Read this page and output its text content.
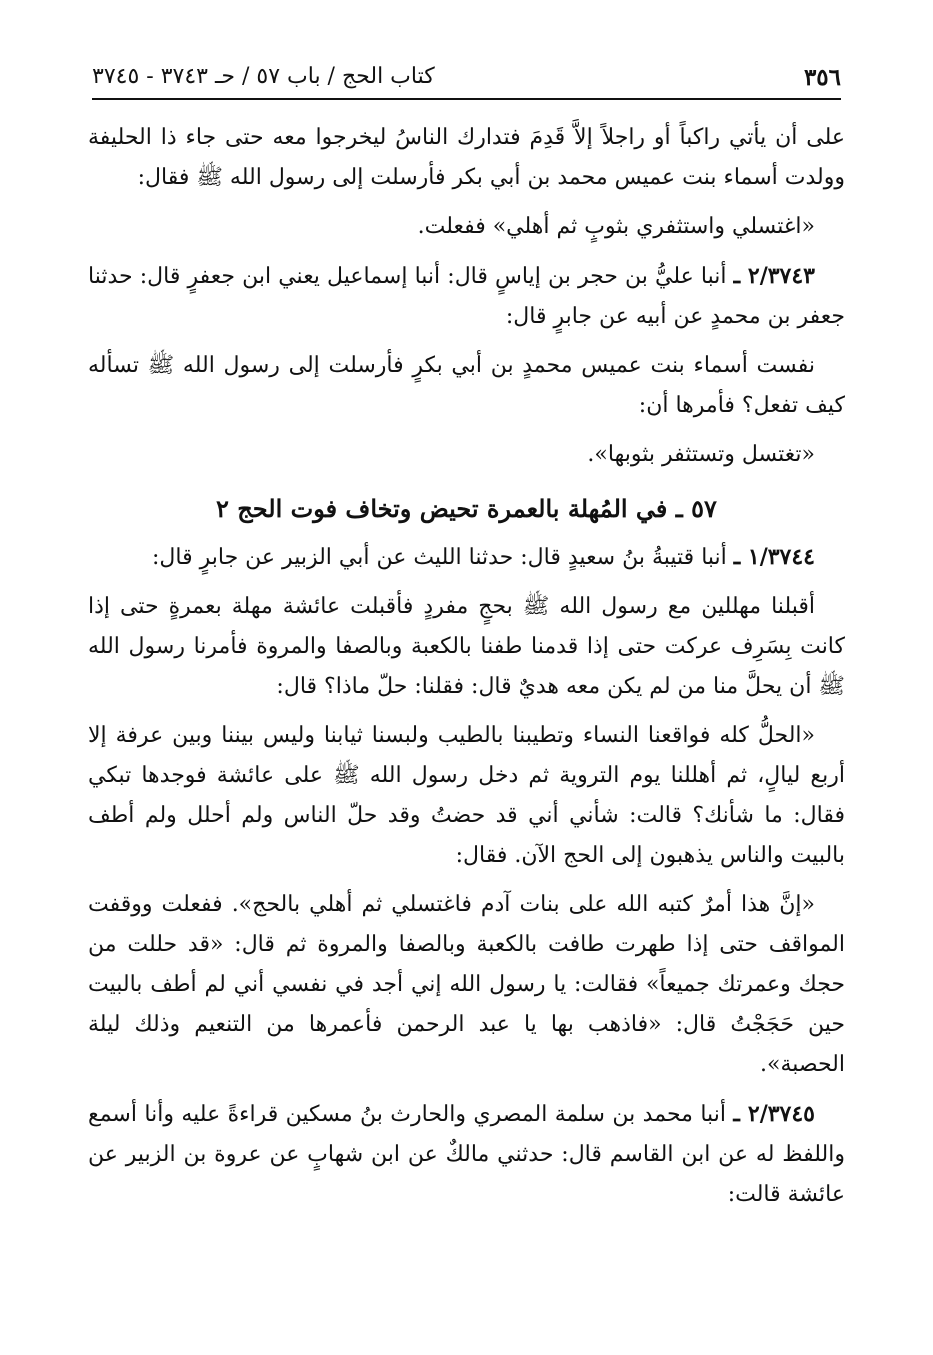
٣٥٦
كتاب الحج / باب ٥٧ / حـ ٣٧٤٣ - ٣٧٤٥

على أن يأتي راكباً أو راجلاً إلاَّ قَدِمَ فتدارك الناسُ ليخرجوا معه حتى جاء ذا الحليفة وولدت أسماء بنت عميس محمد بن أبي بكر فأرسلت إلى رسول الله ﷺ فقال:

«اغتسلي واستثفري بثوبٍ ثم أهلي» ففعلت.

٢/٣٧٤٣ ـ أنبا عليُّ بن حجر بن إياسٍ قال: أنبا إسماعيل يعني ابن جعفرٍ قال: حدثنا جعفر بن محمدٍ عن أبيه عن جابرٍ قال:

نفست أسماء بنت عميس محمدٍ بن أبي بكرٍ فأرسلت إلى رسول الله ﷺ تسأله كيف تفعل؟ فأمرها أن:

«تغتسل وتستثفر بثوبها».

٥٧ ـ في المُهلة بالعمرة تحيض وتخاف فوت الحج ٢

١/٣٧٤٤ ـ أنبا قتيبةُ بنُ سعيدٍ قال: حدثنا الليث عن أبي الزبير عن جابرٍ قال:

أقبلنا مهللين مع رسول الله ﷺ بحجٍ مفردٍ فأقبلت عائشة مهلة بعمرةٍ حتى إذا كانت بِسَرِف عركت حتى إذا قدمنا طفنا بالكعبة وبالصفا والمروة فأمرنا رسول الله ﷺ أن يحلَّ منا من لم يكن معه هديٌ قال: فقلنا: حلّ ماذا؟ قال:

«الحلُّ كله فواقعنا النساء وتطيبنا بالطيب ولبسنا ثيابنا وليس بيننا وبين عرفة إلا أربع ليالٍ، ثم أهللنا يوم التروية ثم دخل رسول الله ﷺ على عائشة فوجدها تبكي فقال: ما شأنك؟ قالت: شأني أني قد حضتُ وقد حلّ الناس ولم أحلل ولم أطف بالبيت والناس يذهبون إلى الحج الآن. فقال:

«إنَّ هذا أمرٌ كتبه الله على بنات آدم فاغتسلي ثم أهلي بالحج». ففعلت ووقفت المواقف حتى إذا طهرت طافت بالكعبة وبالصفا والمروة ثم قال: «قد حللت من حجك وعمرتك جميعاً» فقالت: يا رسول الله إني أجد في نفسي أني لم أطف بالبيت حين حَجَجْتُ قال: «فاذهب بها يا عبد الرحمن فأعمرها من التنعيم وذلك ليلة الحصبة».

٢/٣٧٤٥ ـ أنبا محمد بن سلمة المصري والحارث بنُ مسكين قراءةً عليه وأنا أسمع واللفظ له عن ابن القاسم قال: حدثني مالكٌ عن ابن شهابٍ عن عروة بن الزبير عن عائشة قالت:
